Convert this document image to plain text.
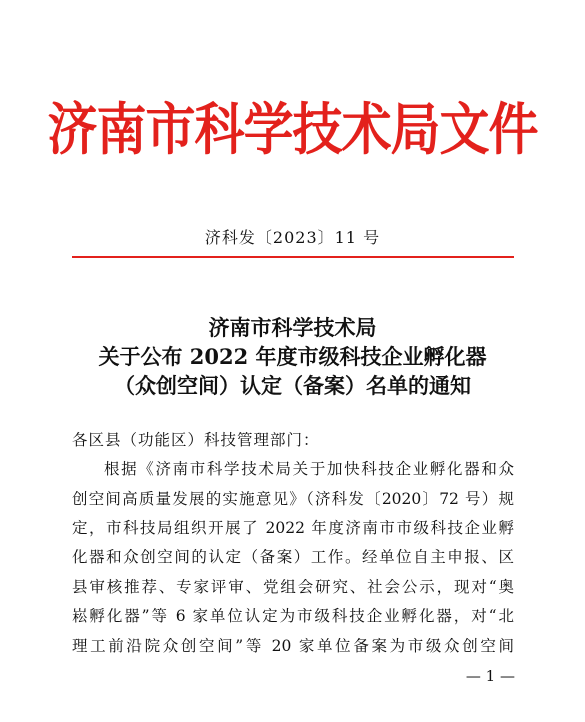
济南市科学技术局文件
济科发〔2023〕11 号
济南市科学技术局
关于公布 2022 年度市级科技企业孵化器
（众创空间）认定（备案）名单的通知
各区县（功能区）科技管理部门：
根据《济南市科学技术局关于加快科技企业孵化器和众
创空间高质量发展的实施意见》（济科发〔2020〕72 号）规
定，市科技局组织开展了 2022 年度济南市市级科技企业孵
化器和众创空间的认定（备案）工作。经单位自主申报、区
县审核推荐、专家评审、党组会研究、社会公示，现对“奥
崧孵化器”等 6 家单位认定为市级科技企业孵化器，对“北
理工前沿院众创空间”等 20 家单位备案为市级众创空间
— 1 —
